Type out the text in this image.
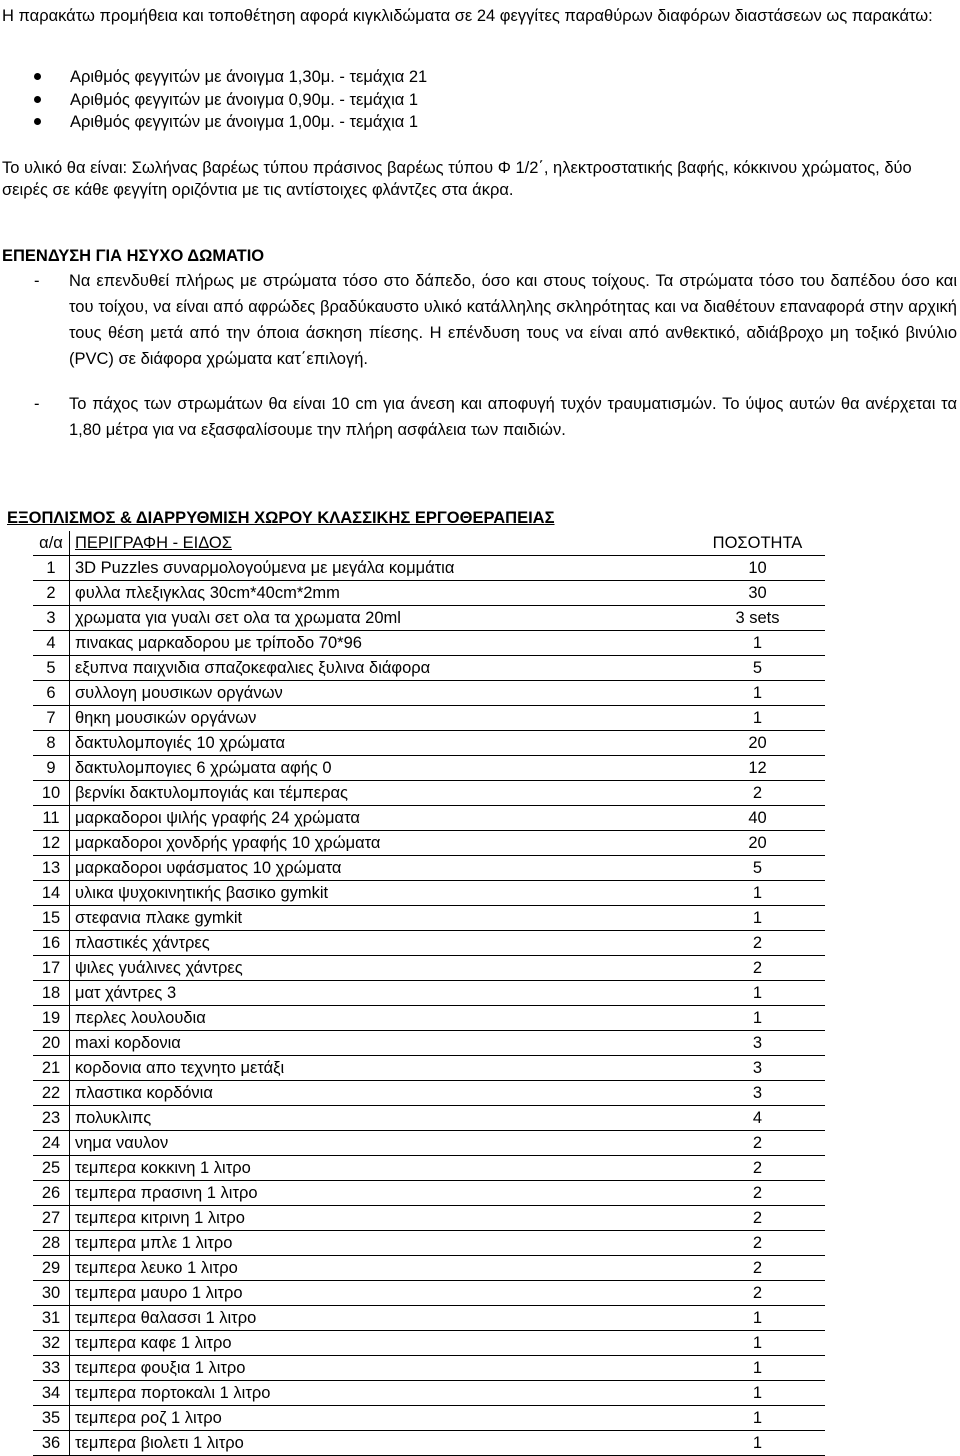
Η παρακάτω προμήθεια και τοποθέτηση αφορά κιγκλιδώματα σε 24 φεγγίτες παραθύρων διαφόρων διαστάσεων ως παρακάτω:

Αριθμός φεγγιτών με άνοιγμα 1,30μ. - τεμάχια 21
Αριθμός φεγγιτών με άνοιγμα 0,90μ. - τεμάχια 1
Αριθμός φεγγιτών με άνοιγμα 1,00μ. - τεμάχια 1

Το υλικό θα είναι: Σωλήνας βαρέως τύπου πράσινος βαρέως τύπου Φ 1/2΄, ηλεκτροστατικής βαφής, κόκκινου χρώματος, δύο σειρές σε κάθε φεγγίτη οριζόντια με τις αντίστοιχες φλάντζες στα άκρα.

ΕΠΕΝΔΥΣΗ ΓΙΑ ΗΣΥΧΟ ΔΩΜΑΤΙΟ

- Να επενδυθεί πλήρως με στρώματα τόσο στο δάπεδο, όσο και στους τοίχους. Τα στρώματα τόσο του δαπέδου όσο και του τοίχου, να είναι από αφρώδες βραδύκαυστο υλικό κατάλληλης σκληρότητας και να διαθέτουν επαναφορά στην αρχική τους θέση μετά από την όποια άσκηση πίεσης. Η επένδυση τους να είναι από ανθεκτικό, αδιάβροχο μη τοξικό βινύλιο (PVC) σε διάφορα χρώματα κατ΄επιλογή.

- Το πάχος των στρωμάτων θα είναι 10 cm για άνεση και αποφυγή τυχόν τραυματισμών. Το ύψος αυτών θα ανέρχεται τα 1,80 μέτρα για να εξασφαλίσουμε την πλήρη ασφάλεια των παιδιών.

ΕΞΟΠΛΙΣΜΟΣ & ΔΙΑΡΡΥΘΜΙΣΗ ΧΩΡΟΥ ΚΛΑΣΣΙΚΗΣ ΕΡΓΟΘΕΡΑΠΕΙΑΣ
α/α	ΠΕΡΙΓΡΑΦΗ - ΕΙΔΟΣ	ΠΟΣΟΤΗΤΑ
1	3D Puzzles συναρμολογούμενα με μεγάλα κομμάτια	10
2	φυλλα πλεξιγκλας 30cm*40cm*2mm	30
3	χρωματα για γυαλι σετ ολα τα χρωματα 20ml	3 sets
4	πινακας μαρκαδορου με τρίποδο 70*96	1
5	εξυπνα παιχνιδια σπαζοκεφαλιες ξυλινα διάφορα	5
6	συλλογη μουσικων οργάνων	1
7	θηκη μουσικών οργάνων	1
8	δακτυλομπογιές 10 χρώματα	20
9	δακτυλομπογιες 6 χρώματα αφής 0	12
10	βερνίκι δακτυλομπογιάς και τέμπερας	2
11	μαρκαδοροι ψιλής γραφής 24 χρώματα	40
12	μαρκαδοροι χονδρής γραφής 10 χρώματα	20
13	μαρκαδοροι υφάσματος 10 χρώματα	5
14	υλικα ψυχοκινητικής βασικο gymkit	1
15	στεφανια πλακε gymkit	1
16	πλαστικές χάντρες	2
17	ψιλες γυάλινες χάντρες	2
18	ματ χάντρες 3	1
19	περλες λουλουδια	1
20	maxi κορδονια	3
21	κορδονια απο τεχνητο μετάξι	3
22	πλαστικα κορδόνια	3
23	πολυκλιπς	4
24	νημα ναυλον	2
25	τεμπερα κοκκινη 1 λιτρο	2
26	τεμπερα πρασινη 1 λιτρο	2
27	τεμπερα κιτρινη 1 λιτρο	2
28	τεμπερα μπλε 1 λιτρο	2
29	τεμπερα λευκο 1 λιτρο	2
30	τεμπερα μαυρο 1 λιτρο	2
31	τεμπερα θαλασσι 1 λιτρο	1
32	τεμπερα καφε 1 λιτρο	1
33	τεμπερα φουξια 1 λιτρο	1
34	τεμπερα πορτοκαλι 1 λιτρο	1
35	τεμπερα ροζ 1 λιτρο	1
36	τεμπερα βιολετι 1 λιτρο	1
